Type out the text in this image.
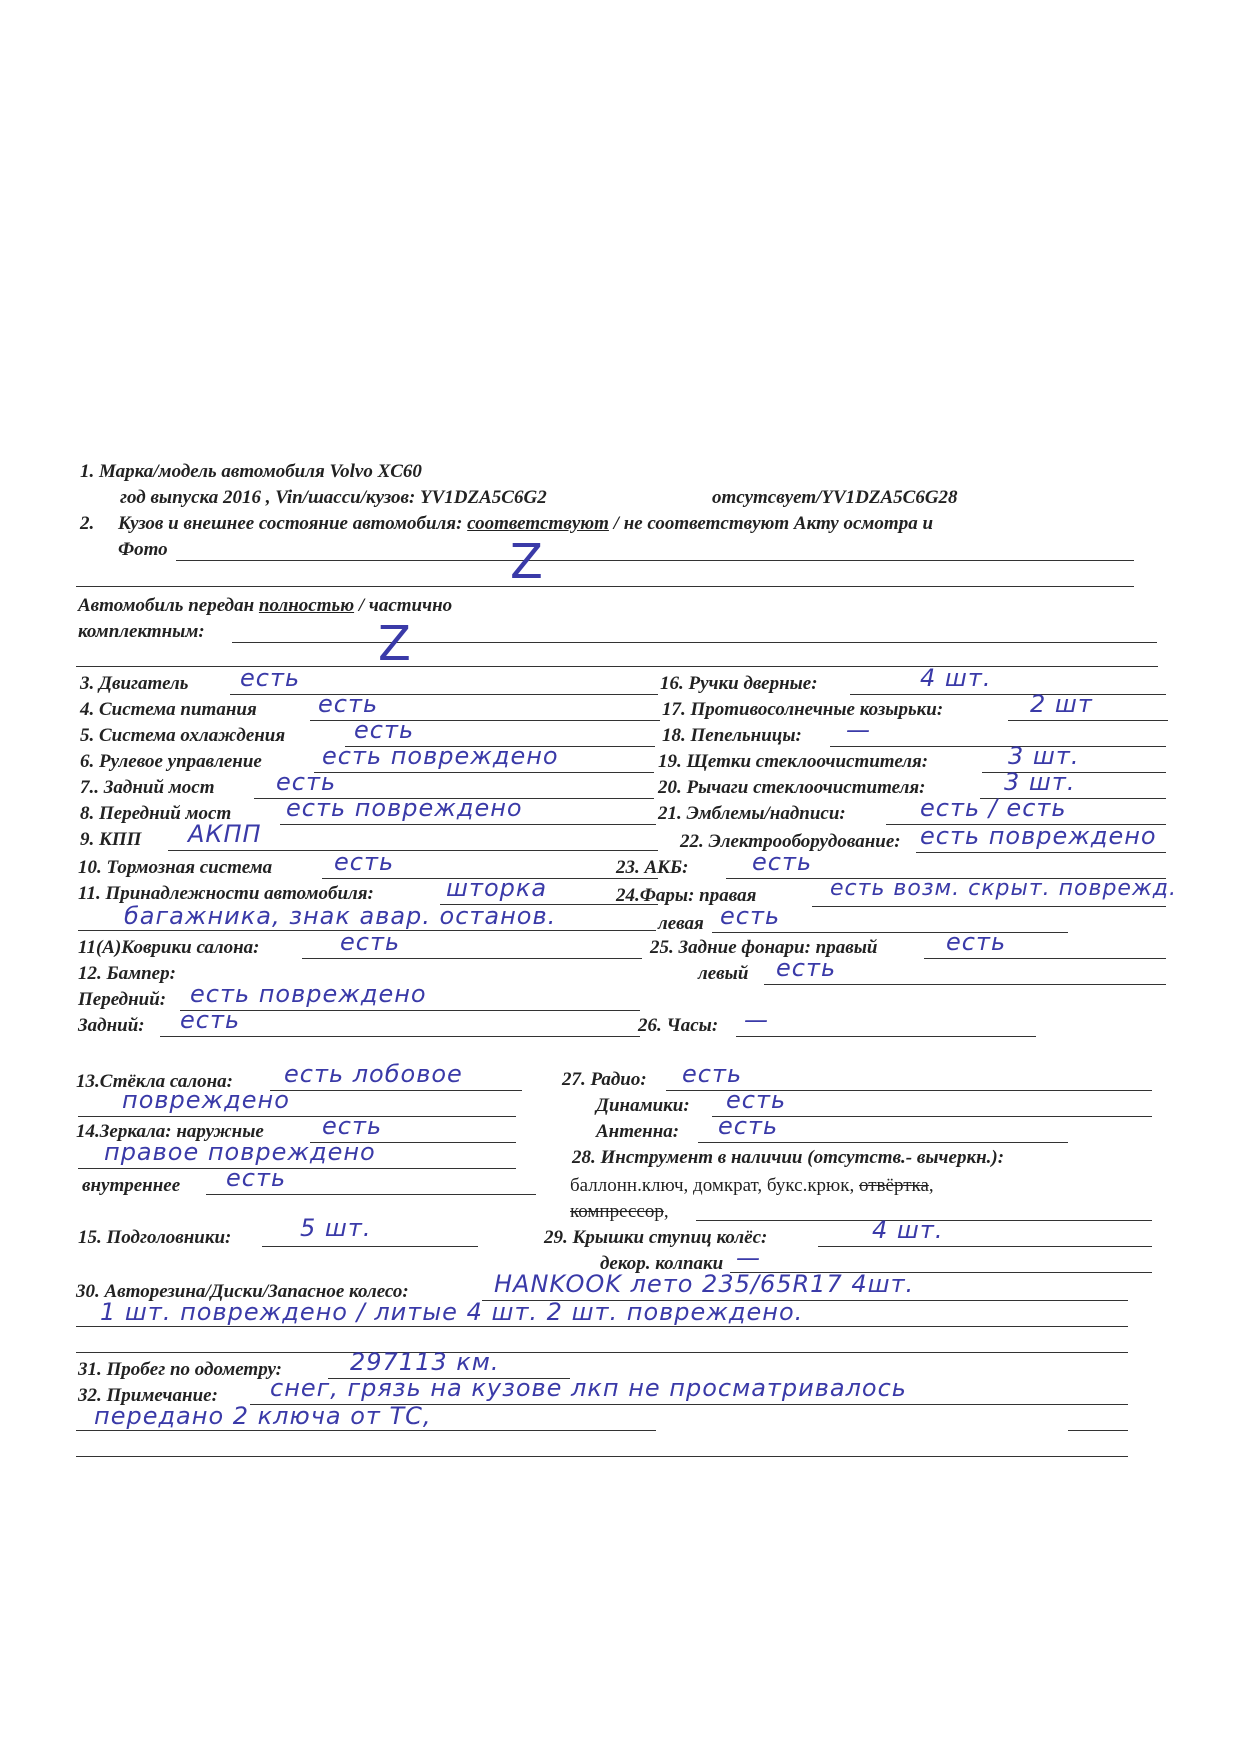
1. Марка/модель автомобиля Volvo XC60
год выпуска 2016 , Vin/шасси/кузов: YV1DZA5C6G2	отсутсвует/YV1DZA5C6G28
2. Кузов и внешнее состояние автомобиля: соответствуют / не соответствуют Акту осмотра и
Фото	Z
Автомобиль передан полностью / частично
комплектным:	Z
3. Двигатель есть
4. Система питания	есть
5. Система охлаждения	есть
6. Рулевое управление	есть повреждено
7.. Задний мост	есть
8. Передний мост есть повреждено
9. КПП АКПП
10. Тормозная система	есть
11. Принадлежности автомобиля:	шторка
багажника, знак авар. останов.
11(А)Коврики салона:	есть
12. Бампер:
Передний: есть повреждено
Задний: есть
16. Ручки дверные:	4 шт.
17. Противосолнечные козырьки:	2 шт
18. Пепельницы: —
19. Щетки стеклоочистителя:	3 шт.
20. Рычаги стеклоочистителя:	3 шт.
21. Эмблемы/надписи:	есть / есть
22. Электрооборудование: есть повреждено
23. АКБ:	есть
24.Фары: правая	есть возм. скрыт. поврежд.
левая есть
25. Задние фонари: правый	есть
левый есть
26. Часы: —
13.Стёкла салона: есть лобовое
повреждено
14.Зеркала: наружные есть
правое повреждено
внутреннее есть
15. Подголовники:	5 шт.
27. Радио: есть
Динамики: есть
Антенна: есть
28. Инструмент в наличии (отсутств.- вычеркн.):
баллонн.ключ, домкрат, букс.крюк, отвёртка,
компрессор,
29. Крышки ступиц колёс:	4 шт.
декор. колпаки —
30. Авторезина/Диски/Запасное колесо:	HANKOOK лето 235/65R17 4шт.
1 шт. повреждено / литые 4 шт. 2 шт. повреждено.
31. Пробег по одометру:	297113 км.
32. Примечание: снег, грязь на кузове лкп не просматривалось
передано 2 ключа от ТС,
